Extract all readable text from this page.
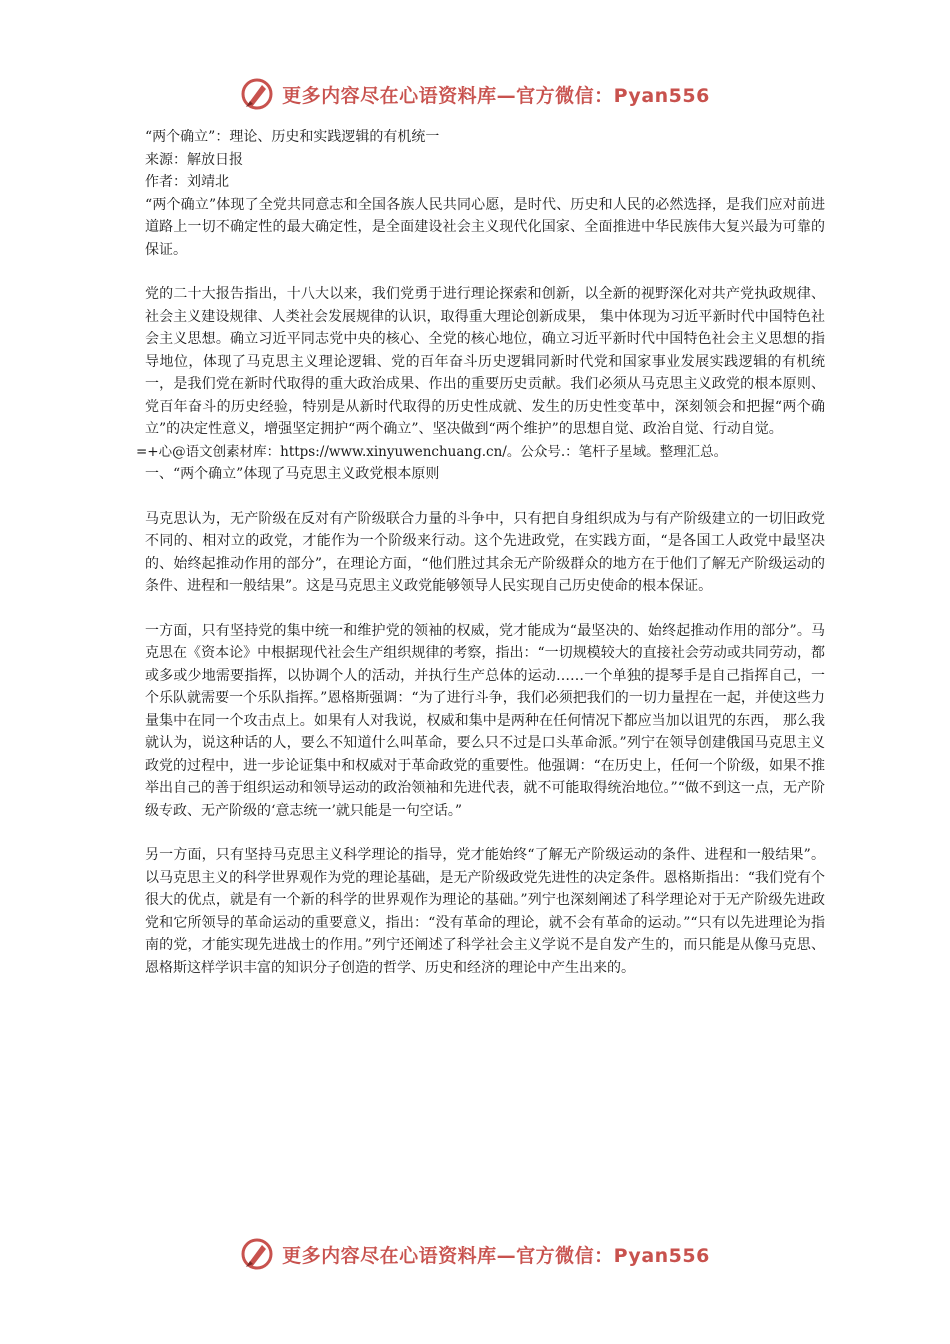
更多内容尽在心语资料库—官方微信：Pyan556

“两个确立”：理论、历史和实践逻辑的有机统一

来源：解放日报

作者：刘靖北

“两个确立”体现了全党共同意志和全国各族人民共同心愿，是时代、历史和人民的必然选择，是我们应对前进道路上一切不确定性的最大确定性，是全面建设社会主义现代化国家、全面推进中华民族伟大复兴最为可靠的保证。

党的二十大报告指出，十八大以来，我们党勇于进行理论探索和创新，以全新的视野深化对共产党执政规律、社会主义建设规律、人类社会发展规律的认识，取得重大理论创新成果， 集中体现为习近平新时代中国特色社会主义思想。确立习近平同志党中央的核心、全党的核心地位，确立习近平新时代中国特色社会主义思想的指导地位，体现了马克思主义理论逻辑、党的百年奋斗历史逻辑同新时代党和国家事业发展实践逻辑的有机统一，是我们党在新时代取得的重大政治成果、作出的重要历史贡献。我们必须从马克思主义政党的根本原则、党百年奋斗的历史经验，特别是从新时代取得的历史性成就、发生的历史性变革中，深刻领会和把握“两个确立”的决定性意义，增强坚定拥护“两个确立”、坚决做到“两个维护”的思想自觉、政治自觉、行动自觉。

=+心@语文创素材库：https://www.xinyuwenchuang.cn/。公众号.：笔杆子星域。整理汇总。

一、“两个确立”体现了马克思主义政党根本原则

马克思认为，无产阶级在反对有产阶级联合力量的斗争中，只有把自身组织成为与有产阶级建立的一切旧政党不同的、相对立的政党，才能作为一个阶级来行动。这个先进政党，在实践方面，“是各国工人政党中最坚决的、始终起推动作用的部分”，在理论方面，“他们胜过其余无产阶级群众的地方在于他们了解无产阶级运动的条件、进程和一般结果”。这是马克思主义政党能够领导人民实现自己历史使命的根本保证。

一方面，只有坚持党的集中统一和维护党的领袖的权威，党才能成为“最坚决的、始终起推动作用的部分”。马克思在《资本论》中根据现代社会生产组织规律的考察，指出：“一切规模较大的直接社会劳动或共同劳动，都或多或少地需要指挥，以协调个人的活动，并执行生产总体的运动……一个单独的提琴手是自己指挥自己，一个乐队就需要一个乐队指挥。”恩格斯强调：“为了进行斗争，我们必须把我们的一切力量捏在一起，并使这些力量集中在同一个攻击点上。如果有人对我说，权威和集中是两种在任何情况下都应当加以诅咒的东西， 那么我就认为，说这种话的人，要么不知道什么叫革命，要么只不过是口头革命派。”列宁在领导创建俄国马克思主义政党的过程中，进一步论证集中和权威对于革命政党的重要性。他强调：“在历史上，任何一个阶级，如果不推举出自己的善于组织运动和领导运动的政治领袖和先进代表，就不可能取得统治地位。”“做不到这一点，无产阶级专政、无产阶级的‘意志统一’就只能是一句空话。”

另一方面，只有坚持马克思主义科学理论的指导，党才能始终“了解无产阶级运动的条件、进程和一般结果”。以马克思主义的科学世界观作为党的理论基础，是无产阶级政党先进性的决定条件。恩格斯指出：“我们党有个很大的优点，就是有一个新的科学的世界观作为理论的基础。”列宁也深刻阐述了科学理论对于无产阶级先进政党和它所领导的革命运动的重要意义，指出：“没有革命的理论，就不会有革命的运动。”“只有以先进理论为指南的党，才能实现先进战士的作用。”列宁还阐述了科学社会主义学说不是自发产生的，而只能是从像马克思、恩格斯这样学识丰富的知识分子创造的哲学、历史和经济的理论中产生出来的。

更多内容尽在心语资料库—官方微信：Pyan556
